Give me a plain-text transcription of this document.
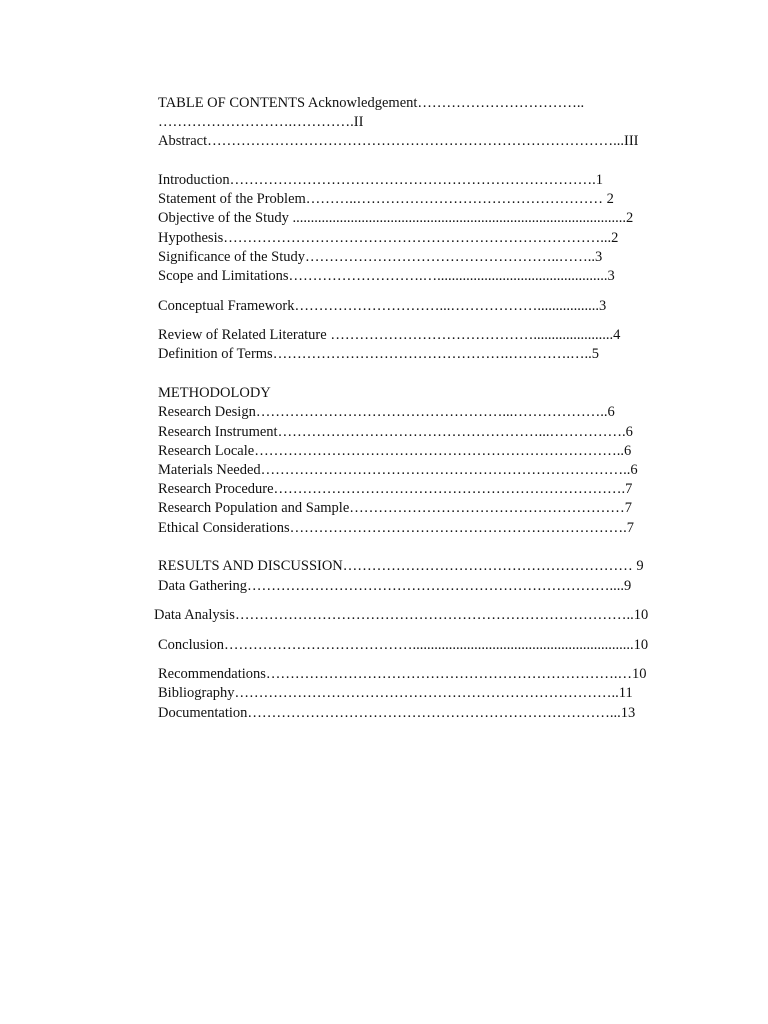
TABLE OF CONTENTS Acknowledgement……………………………..
……………………….………….II
Abstract…………………………………………………………………………...III
Introduction………………………………………………………………….1
Statement of the Problem………..…………………………………………… 2
Objective of the Study ............................................................................................2
Hypothesis……………………………………………………………………...2
Significance of the Study……………………………………………..……..3
Scope and Limitations……………………….…...............................................3
Conceptual Framework…………………………...……………….................3
Review of Related Literature ……………………………………......................4
Definition of Terms………………………………………….………….…..5
METHODOLODY
Research Design……………………………………………...………………..6
Research Instrument………………………………………………...…………….6
Research Locale…………………………………………………………………..6
Materials Needed…………………………………………………………………..6
Research Procedure……………………………………………………………….7
Research Population and Sample…………………………………………………7
Ethical Considerations…………………………………………………………….7
RESULTS AND DISCUSSION…………………………………………………… 9
Data Gathering…………………………………………………………………....9
Data Analysis………………………………………………………………………..10
Conclusion………………………………….............................................................10
Recommendations……………………………………………………………….…10
Bibliography……………………………………………………………………..11
Documentation…………………………………………………………………...13
